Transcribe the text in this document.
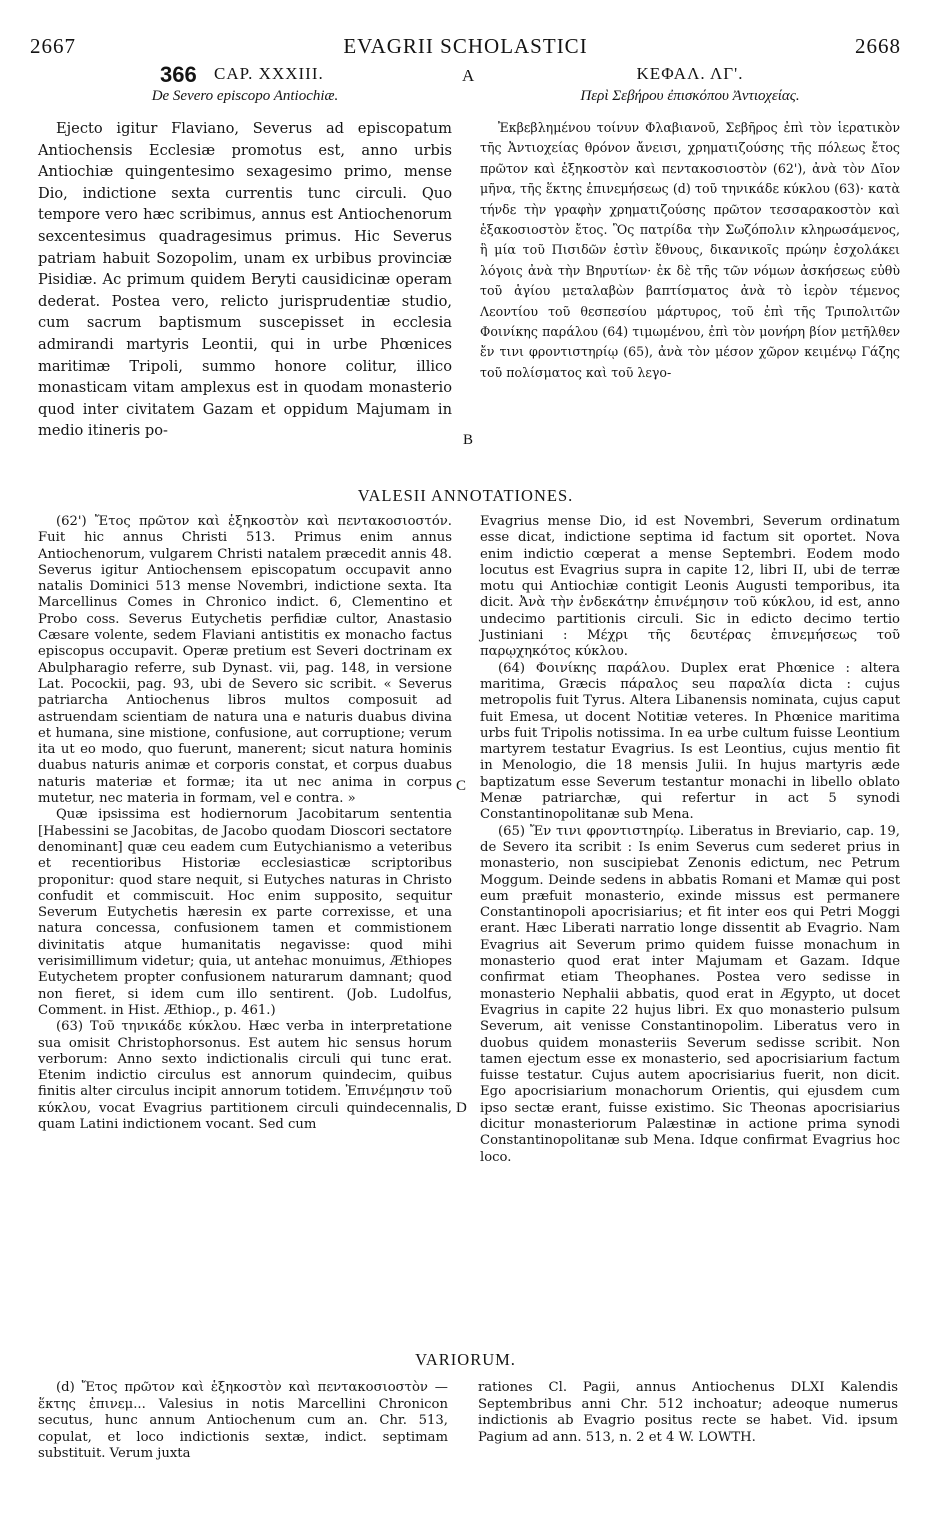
2667	EVAGRII SCHOLASTICI	2668
366 CAP. XXXIII.
De Severo episcopo Antiochiæ.
A	ΚΕΦΑΛ. ΛΓ'.
Περὶ Σεβήρου ἐπισκόπου Ἀντιοχείας.

Ejecto igitur Flaviano, Severus ad episcopatum Antiochensis Ecclesiæ promotus est, anno urbis Antiochiæ quingentesimo sexagesimo primo, mense Dio, indictione sexta currentis tunc circuli. Quo tempore vero hæc scribimus, annus est Antiochenorum sexcentesimus quadragesimus primus. Hic Severus patriam habuit Sozopolim, unam ex urbibus provinciæ Pisidiæ. Ac primum quidem Beryti causidicinæ operam dederat. Postea vero, relicto jurisprudentiæ studio, cum sacrum baptismum suscepisset in ecclesia admirandi martyris Leontii, qui in urbe Phœnices maritimæ Tripoli, summo honore colitur, illico monasticam vitam amplexus est in quodam monasterio quod inter civitatem Gazam et oppidum Majumam in medio itineris po-

B

Ἐκβεβλημένου τοίνυν Φλαβιανοῦ, Σεβῆρος ἐπὶ τὸν ἱερατικὸν τῆς Ἀντιοχείας θρόνον ἄνεισι, χρηματιζούσης τῆς πόλεως ἔτος πρῶτον καὶ ἑξηκοστὸν καὶ πεντακοσιοστὸν (62'), ἀνὰ τὸν Δῖον μῆνα, τῆς ἕκτης ἐπινεμήσεως (d) τοῦ τηνικάδε κύκλου (63)· κατὰ τήνδε τὴν γραφὴν χρηματιζούσης πρῶτον τεσσαρακοστὸν καὶ ἑξακοσιοστὸν ἔτος. Ὃς πατρίδα τὴν Σωζόπολιν κληρωσάμενος, ἣ μία τοῦ Πισιδῶν ἐστὶν ἔθνους, δικανικοῖς πρώην ἐσχολάκει λόγοις ἀνὰ τὴν Βηρυτίων· ἐκ δὲ τῆς τῶν νόμων ἀσκήσεως εὐθὺ τοῦ ἁγίου μεταλαβὼν βαπτίσματος ἀνὰ τὸ ἱερὸν τέμενος Λεοντίου τοῦ θεσπεσίου μάρτυρος, τοῦ ἐπὶ τῆς Τριπολιτῶν Φοινίκης παράλου (64) τιμωμένου, ἐπὶ τὸν μονήρη βίον μετῆλθεν ἔν τινι φροντιστηρίῳ (65), ἀνὰ τὸν μέσον χῶρον κειμένῳ Γάζης τοῦ πολίσματος καὶ τοῦ λεγο-

VALESII ANNOTATIONES.

(62') Ἔτος πρῶτον καὶ ἑξηκοστὸν καὶ πεντακοσιοστόν. Fuit hic annus Christi 513. Primus enim annus Antiochenorum, vulgarem Christi natalem præcedit annis 48. Severus igitur Antiochensem episcopatum occupavit anno natalis Dominici 513 mense Novembri, indictione sexta. Ita Marcellinus Comes in Chronico indict. 6, Clementino et Probo coss. Severus Eutychetis perfidiæ cultor, Anastasio Cæsare volente, sedem Flaviani antistitis ex monacho factus episcopus occupavit. Operæ pretium est Severi doctrinam ex Abulpharagio referre, sub Dynast. vii, pag. 148, in versione Lat. Pocockii, pag. 93, ubi de Severo sic scribit. « Severus patriarcha Antiochenus libros multos composuit ad astruendam scientiam de natura una e naturis duabus divina et humana, sine mistione, confusione, aut corruptione; verum ita ut eo modo, quo fuerunt, manerent; sicut natura hominis duabus naturis animæ et corporis constat, et corpus duabus naturis materiæ et formæ; ita ut nec anima in corpus mutetur, nec materia in formam, vel e contra. »

Quæ ipsissima est hodiernorum Jacobitarum sententia [Habessini se Jacobitas, de Jacobo quodam Dioscori sectatore denominant] quæ ceu eadem cum Eutychianismo a veteribus et recentioribus Historiæ ecclesiasticæ scriptoribus proponitur: quod stare nequit, si Eutyches naturas in Christo confudit et commiscuit. Hoc enim supposito, sequitur Severum Eutychetis hæresin ex parte correxisse, et una natura concessa, confusionem tamen et commistionem divinitatis atque humanitatis negavisse: quod mihi verisimillimum videtur; quia, ut antehac monuimus, Æthiopes Eutychetem propter confusionem naturarum damnant; quod non fieret, si idem cum illo sentirent. (Job. Ludolfus, Comment. in Hist. Æthiop., p. 461.)

(63) Τοῦ τηνικάδε κύκλου. Hæc verba in interpretatione sua omisit Christophorsonus. Est autem hic sensus horum verborum: Anno sexto indictionalis circuli qui tunc erat. Etenim indictio circulus est annorum quindecim, quibus finitis alter circulus incipit annorum totidem. Ἐπινέμησιν τοῦ κύκλου, vocat Evagrius partitionem circuli quindecennalis, quam Latini indictionem vocant. Sed cum

C
D

Evagrius mense Dio, id est Novembri, Severum ordinatum esse dicat, indictione septima id factum sit oportet. Nova enim indictio cœperat a mense Septembri. Eodem modo locutus est Evagrius supra in capite 12, libri II, ubi de terræ motu qui Antiochiæ contigit Leonis Augusti temporibus, ita dicit. Ἀνὰ τὴν ἑνδεκάτην ἐπινέμησιν τοῦ κύκλου, id est, anno undecimo partitionis circuli. Sic in edicto decimo tertio Justiniani : Μέχρι τῆς δευτέρας ἐπινεμήσεως τοῦ παρῳχηκότος κύκλου.

(64) Φοινίκης παράλου. Duplex erat Phœnice : altera maritima, Græcis πάραλος seu παραλία dicta : cujus metropolis fuit Tyrus. Altera Libanensis nominata, cujus caput fuit Emesa, ut docent Notitiæ veteres. In Phœnice maritima urbs fuit Tripolis notissima. In ea urbe cultum fuisse Leontium martyrem testatur Evagrius. Is est Leontius, cujus mentio fit in Menologio, die 18 mensis Julii. In hujus martyris æde baptizatum esse Severum testantur monachi in libello oblato Menæ patriarchæ, qui refertur in act 5 synodi Constantinopolitanæ sub Mena.

(65) Ἔν τινι φροντιστηρίῳ. Liberatus in Breviario, cap. 19, de Severo ita scribit : Is enim Severus cum sederet prius in monasterio, non suscipiebat Zenonis edictum, nec Petrum Moggum. Deinde sedens in abbatis Romani et Mamæ qui post eum præfuit monasterio, exinde missus est permanere Constantinopoli apocrisiarius; et fit inter eos qui Petri Moggi erant. Hæc Liberati narratio longe dissentit ab Evagrio. Nam Evagrius ait Severum primo quidem fuisse monachum in monasterio quod erat inter Majumam et Gazam. Idque confirmat etiam Theophanes. Postea vero sedisse in monasterio Nephalii abbatis, quod erat in Ægypto, ut docet Evagrius in capite 22 hujus libri. Ex quo monasterio pulsum Severum, ait venisse Constantinopolim. Liberatus vero in duobus quidem monasteriis Severum sedisse scribit. Non tamen ejectum esse ex monasterio, sed apocrisiarium factum fuisse testatur. Cujus autem apocrisiarius fuerit, non dicit. Ego apocrisiarium monachorum Orientis, qui ejusdem cum ipso sectæ erant, fuisse existimo. Sic Theonas apocrisiarius dicitur monasteriorum Palæstinæ in actione prima synodi Constantinopolitanæ sub Mena. Idque confirmat Evagrius hoc loco.

VARIORUM.

(d) Ἔτος πρῶτον καὶ ἑξηκοστὸν καὶ πεντακοσιοστὸν — ἕκτης ἐπινεμ... Valesius in notis Marcellini Chronicon secutus, hunc annum Antiochenum cum an. Chr. 513, copulat, et loco indictionis sextæ, indict. septimam substituit. Verum juxta

rationes Cl. Pagii, annus Antiochenus DLXI Kalendis Septembribus anni Chr. 512 inchoatur; adeoque numerus indictionis ab Evagrio positus recte se habet. Vid. ipsum Pagium ad ann. 513, n. 2 et 4 W. LOWTH.
